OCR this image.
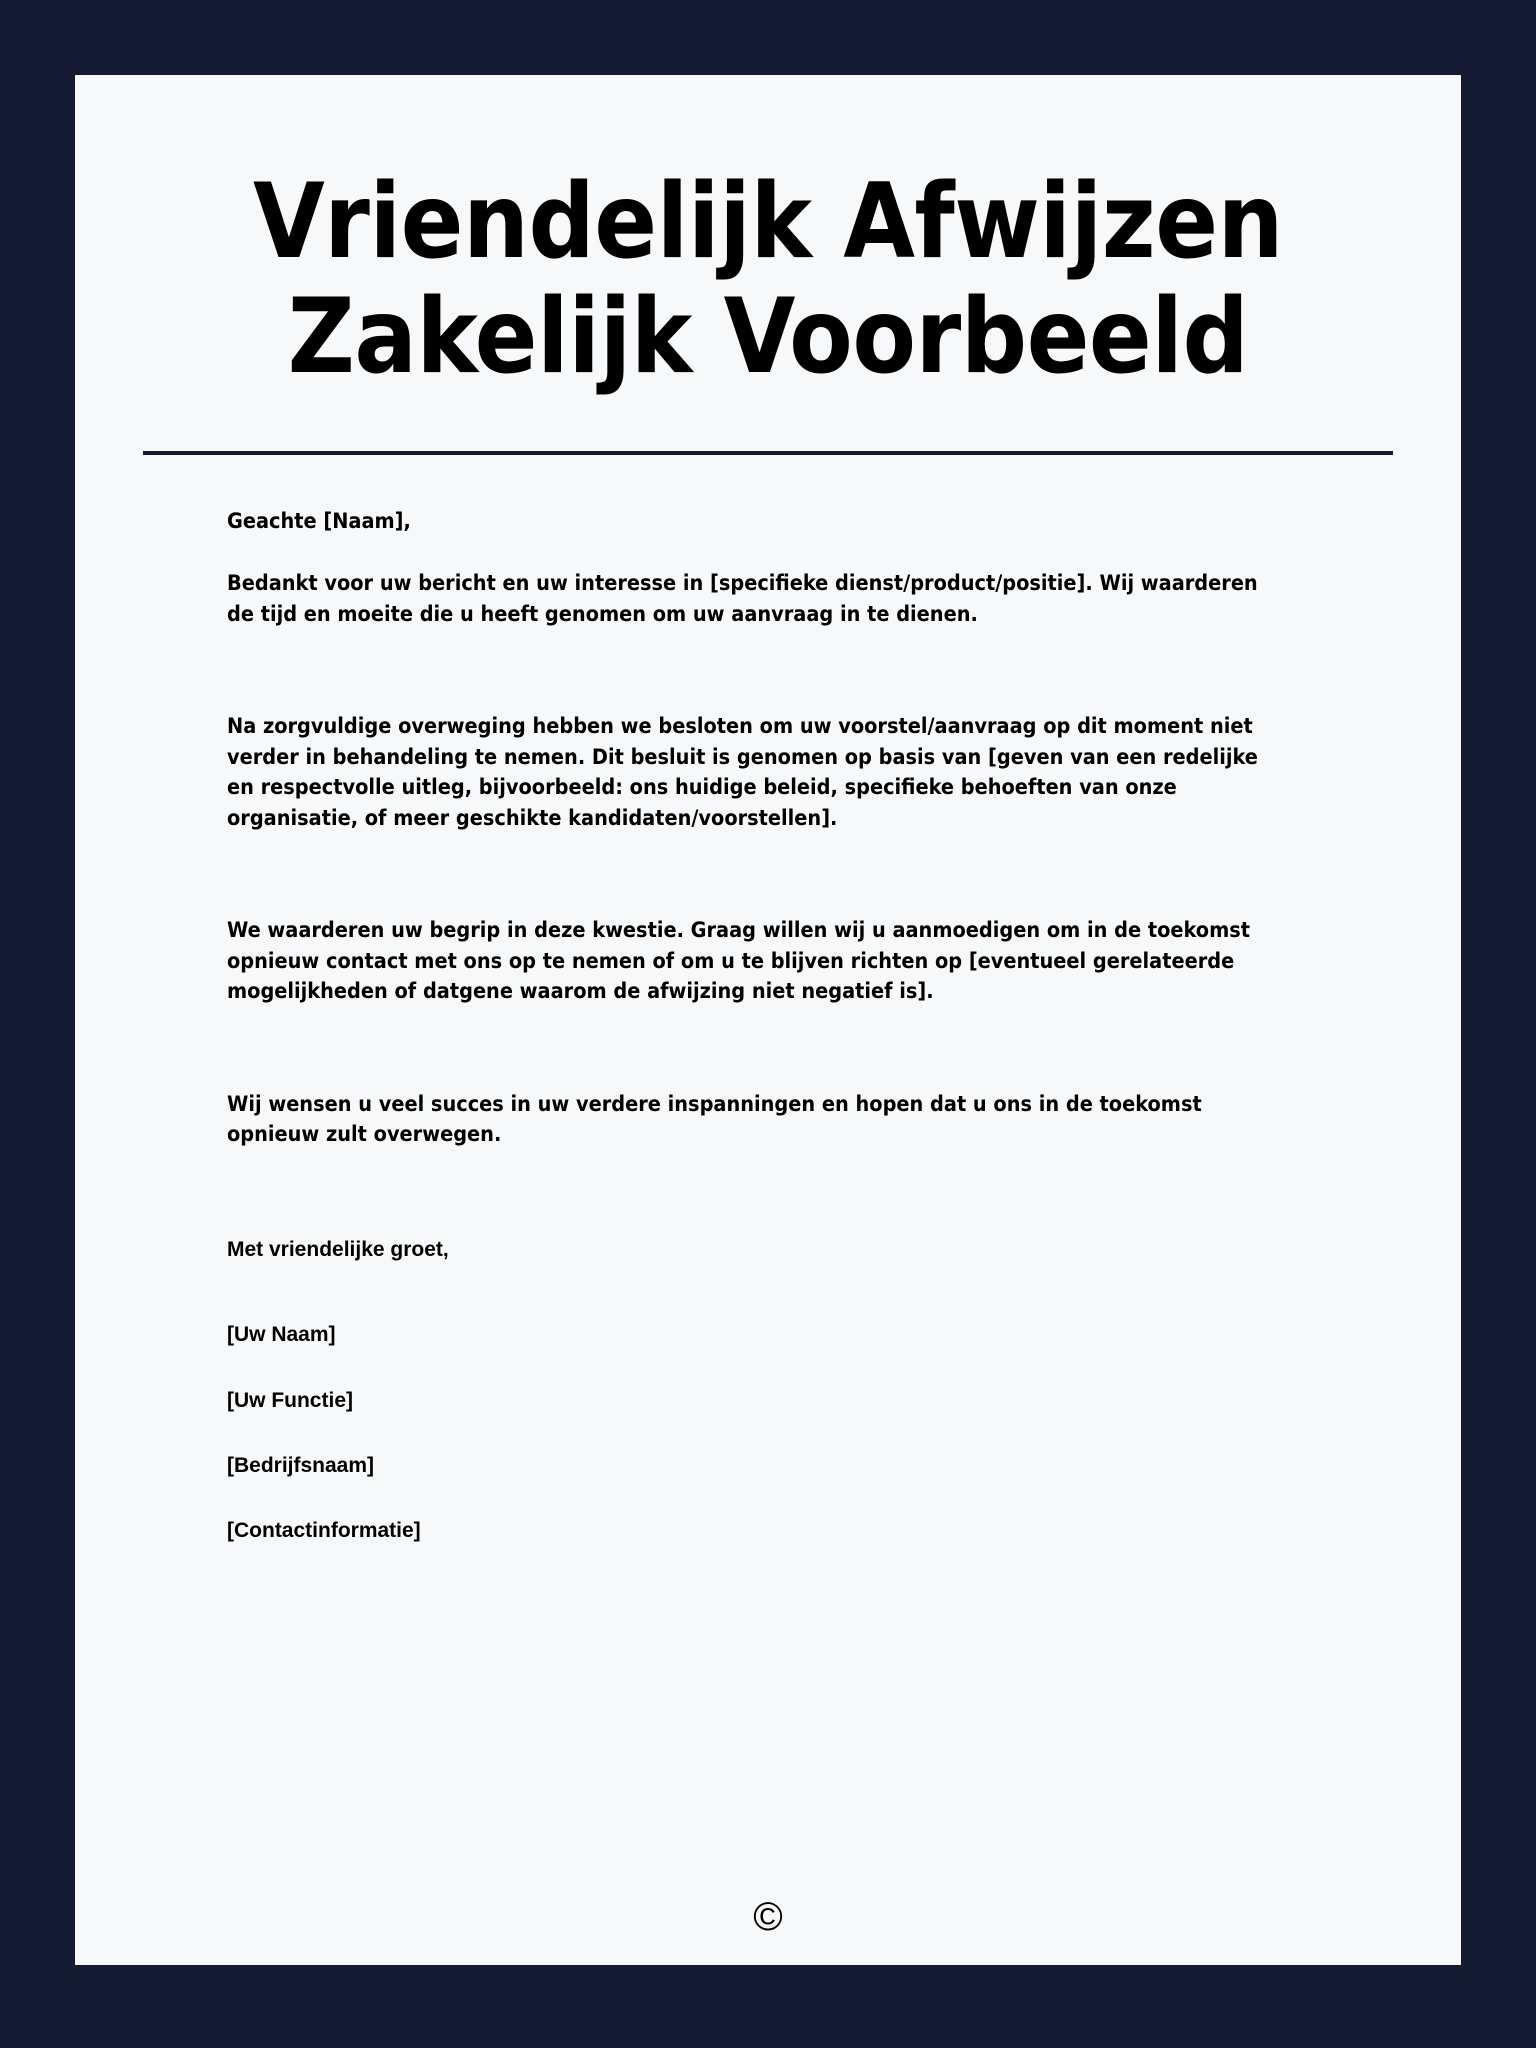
Vriendelijk Afwijzen Zakelijk Voorbeeld

Geachte [Naam],

Bedankt voor uw bericht en uw interesse in [specifieke dienst/product/positie]. Wij waarderen de tijd en moeite die u heeft genomen om uw aanvraag in te dienen.

Na zorgvuldige overweging hebben we besloten om uw voorstel/aanvraag op dit moment niet verder in behandeling te nemen. Dit besluit is genomen op basis van [geven van een redelijke en respectvolle uitleg, bijvoorbeeld: ons huidige beleid, specifieke behoeften van onze organisatie, of meer geschikte kandidaten/voorstellen].

We waarderen uw begrip in deze kwestie. Graag willen wij u aanmoedigen om in de toekomst opnieuw contact met ons op te nemen of om u te blijven richten op [eventueel gerelateerde mogelijkheden of datgene waarom de afwijzing niet negatief is].

Wij wensen u veel succes in uw verdere inspanningen en hopen dat u ons in de toekomst opnieuw zult overwegen.

Met vriendelijke groet,

[Uw Naam]

[Uw Functie]

[Bedrijfsnaam]

[Contactinformatie]

©
